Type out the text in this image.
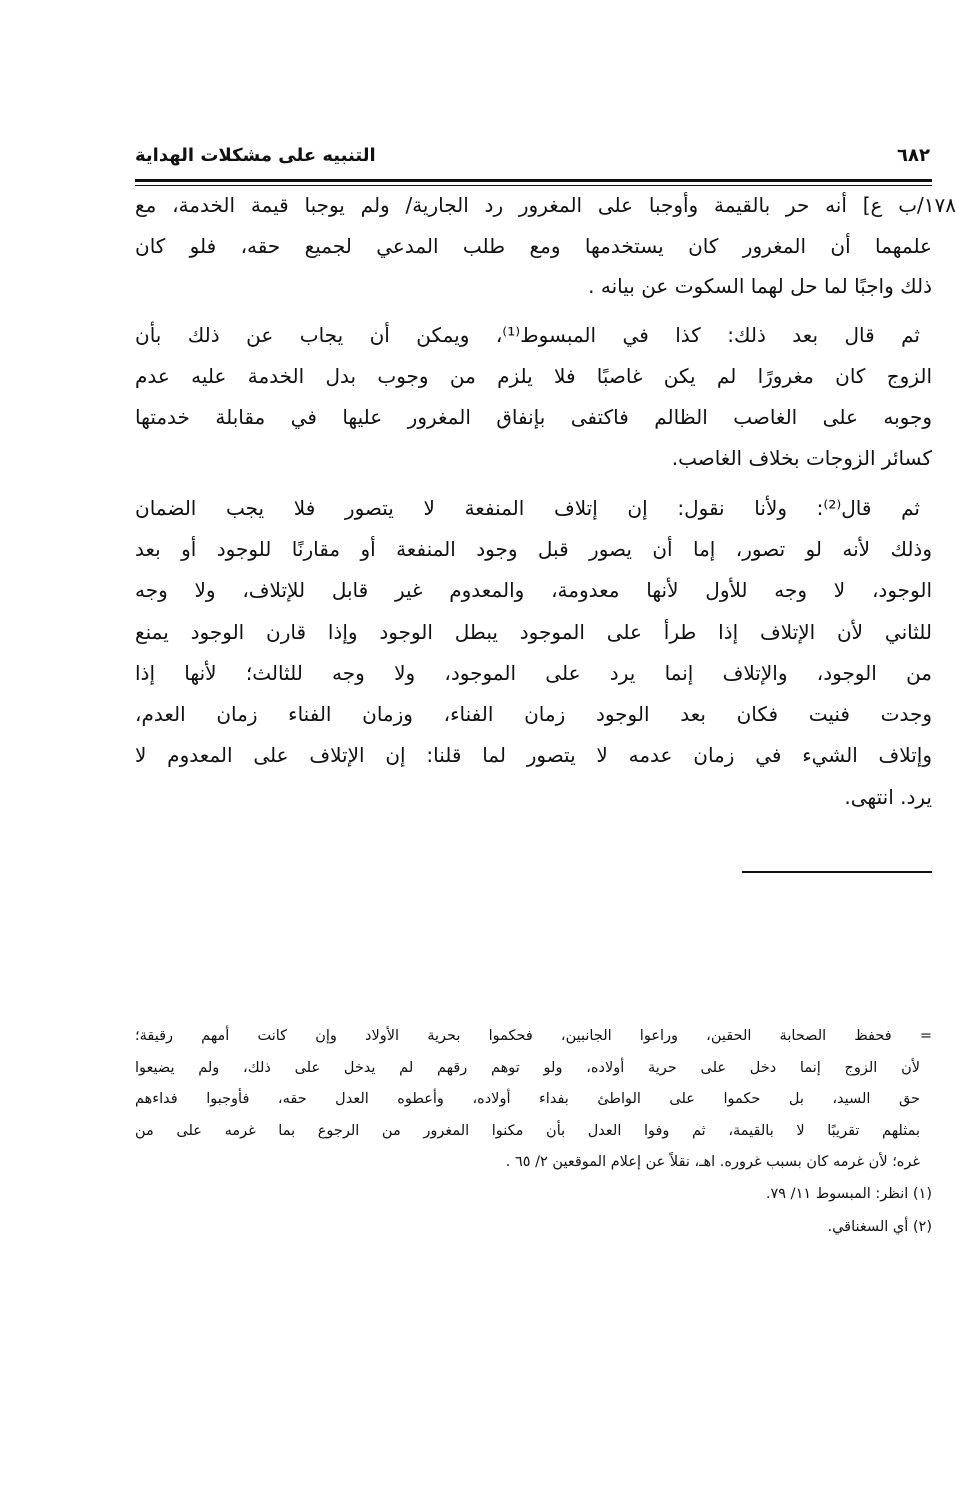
التنبيه على مشكلات الهداية	٦٨٢
١٧٨/ب ع] أنه حر بالقيمة وأوجبا على المغرور رد الجارية/ ولم يوجبا قيمة الخدمة، مع
علمهما أن المغرور كان يستخدمها ومع طلب المدعي لجميع حقه، فلو كان
ذلك واجبًا لما حل لهما السكوت عن بيانه .
ثم قال بعد ذلك: كذا في المبسوط⁽¹⁾، ويمكن أن يجاب عن ذلك بأن
الزوج كان مغرورًا لم يكن غاصبًا فلا يلزم من وجوب بدل الخدمة عليه عدم
وجوبه على الغاصب الظالم فاكتفى بإنفاق المغرور عليها في مقابلة خدمتها
كسائر الزوجات بخلاف الغاصب.
ثم قال⁽²⁾: ولأنا نقول: إن إتلاف المنفعة لا يتصور فلا يجب الضمان
وذلك لأنه لو تصور، إما أن يصور قبل وجود المنفعة أو مقارنًا للوجود أو بعد
الوجود، لا وجه للأول لأنها معدومة، والمعدوم غير قابل للإتلاف، ولا وجه
للثاني لأن الإتلاف إذا طرأ على الموجود يبطل الوجود وإذا قارن الوجود يمنع
من الوجود، والإتلاف إنما يرد على الموجود، ولا وجه للثالث؛ لأنها إذا
وجدت فنيت فكان بعد الوجود زمان الفناء، وزمان الفناء زمان العدم،
وإتلاف الشيء في زمان عدمه لا يتصور لما قلنا: إن الإتلاف على المعدوم لا
يرد. انتهى.
= فحفظ الصحابة الحقين، وراعوا الجانبين، فحكموا بحرية الأولاد وإن كانت أمهم رقيقة؛
لأن الزوج إنما دخل على حرية أولاده، ولو توهم رقهم لم يدخل على ذلك، ولم يضيعوا
حق السيد، بل حكموا على الواطئ بفداء أولاده، وأعطوه العدل حقه، فأوجبوا فداءهم
بمثلهم تقريبًا لا بالقيمة، ثم وفوا العدل بأن مكنوا المغرور من الرجوع بما غرمه على من
غره؛ لأن غرمه كان بسبب غروره. اهـ، نقلاً عن إعلام الموقعين ٢/ ٦٥ .
(١) انظر: المبسوط ١١/ ٧٩.
(٢) أي السغناقي.
